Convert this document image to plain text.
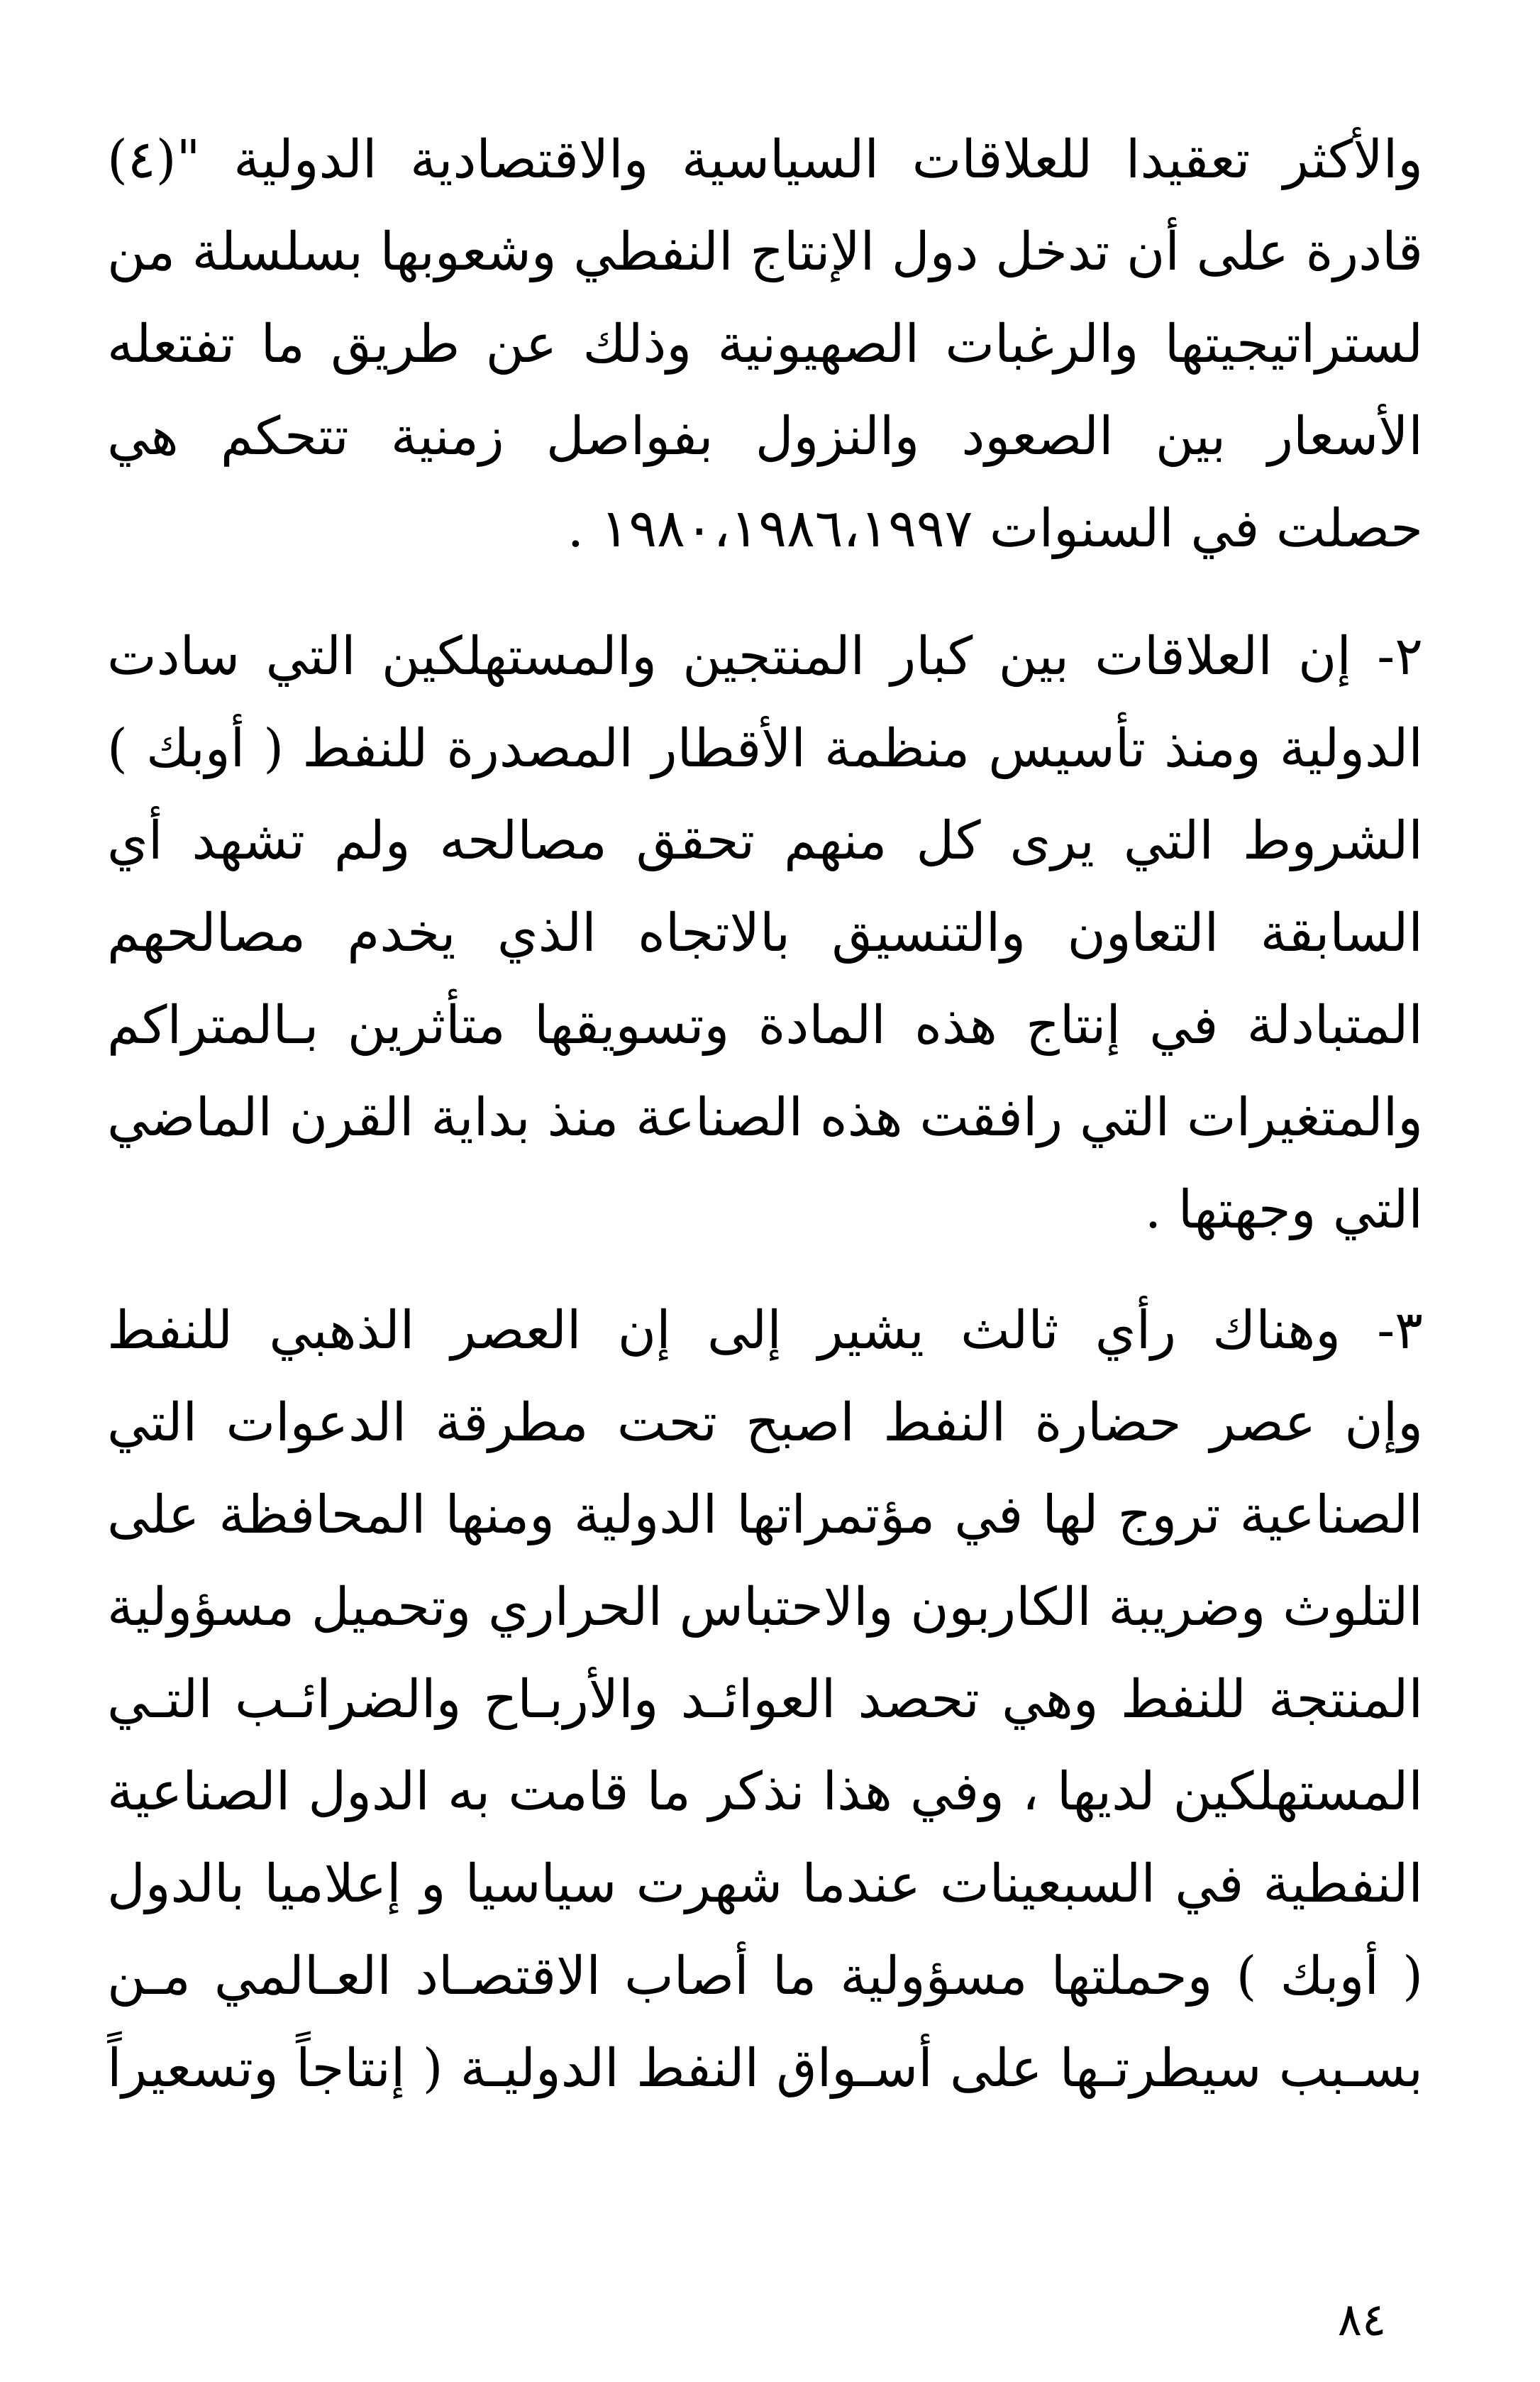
والأكثر تعقيدا للعلاقات السياسية والاقتصادية الدولية "(٤)
قادرة على أن تدخل دول الإنتاج النفطي وشعوبها بسلسلة من
لستراتيجيتها والرغبات الصهيونية وذلك عن طريق ما تفتعله
الأسعار بين الصعود والنزول بفواصل زمنية تتحكم هي
حصلت في السنوات ١٩٨٠،١٩٨٦،١٩٩٧ .
٢- إن العلاقات بين كبار المنتجين والمستهلكين التي سادت
الدولية ومنذ تأسيس منظمة الأقطار المصدرة للنفط ( أوبك )
الشروط التي يرى كل منهم تحقق مصالحه ولم تشهد أي
السابقة التعاون والتنسيق بالاتجاه الذي يخدم مصالحهم
المتبادلة في إنتاج هذه المادة وتسويقها متأثرين بـالمتراكم
والمتغيرات التي رافقت هذه الصناعة منذ بداية القرن الماضي
التي وجهتها .
٣- وهناك رأي ثالث يشير إلى إن العصر الذهبي للنفط
وإن عصر حضارة النفط اصبح تحت مطرقة الدعوات التي
الصناعية تروج لها في مؤتمراتها الدولية ومنها المحافظة على
التلوث وضريبة الكاربون والاحتباس الحراري وتحميل مسؤولية
المنتجة للنفط وهي تحصد العوائـد والأربـاح والضرائـب التـي
المستهلكين لديها ، وفي هذا نذكر ما قامت به الدول الصناعية
النفطية في السبعينات عندما شهرت سياسيا و إعلاميا بالدول
( أوبك ) وحملتها مسؤولية ما أصاب الاقتصـاد العـالمي مـن
بسـبب سيطرتـها على أسـواق النفط الدوليـة ( إنتاجاً وتسعيراً
٨٤
